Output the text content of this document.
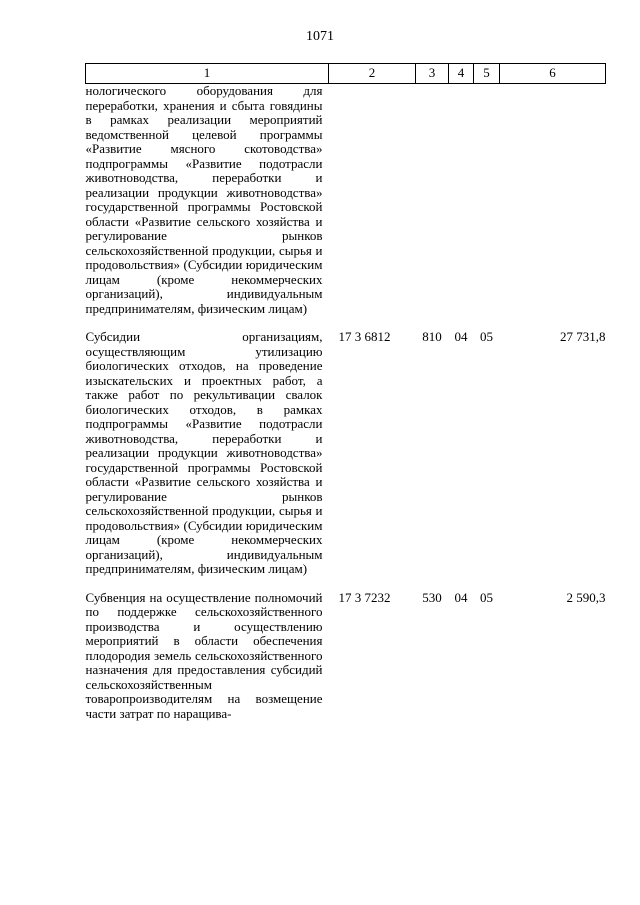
1071
1	2	3	4	5	6
нологического оборудования для переработки, хранения и сбыта говядины в рамках реализации мероприятий ведомственной целевой программы «Развитие мясного скотоводства» подпрограммы «Развитие подотрасли животноводства, переработки и реализации продукции животноводства» государственной программы Ростовской области «Развитие сельского хозяйства и регулирование рынков сельскохозяйственной продукции, сырья и продовольствия» (Субсидии юридическим лицам (кроме некоммерческих организаций), индивидуальным предпринимателям, физическим лицам)					
Субсидии организациям, осуществляющим утилизацию биологических отходов, на проведение изыскательских и проектных работ, а также работ по рекультивации свалок биологических отходов, в рамках подпрограммы «Развитие подотрасли животноводства, переработки и реализации продукции животноводства» государственной программы Ростовской области «Развитие сельского хозяйства и регулирование рынков сельскохозяйственной продукции, сырья и продовольствия» (Субсидии юридическим лицам (кроме некоммерческих организаций), индивидуальным предпринимателям, физическим лицам)	17 3 6812	810	04	05	27 731,8
Субвенция на осуществление полномочий по поддержке сельскохозяйственного производства и осуществлению мероприятий в области обеспечения плодородия земель сельскохозяйственного назначения для предоставления субсидий сельскохозяйственным товаропроизводителям на возмещение части затрат по наращива-	17 3 7232	530	04	05	2 590,3
